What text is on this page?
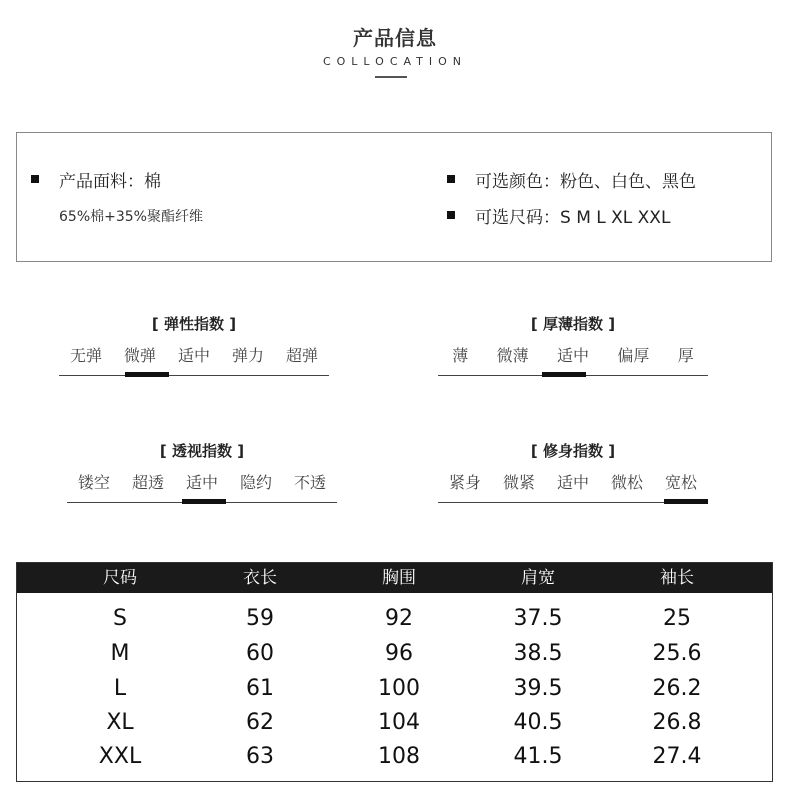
产品信息
COLLOCATION
产品面料：棉
65%棉+35%聚酯纤维
可选颜色：粉色、白色、黑色
可选尺码：S M L XL XXL
[ 弹性指数 ]
无弹 微弹 适中 弹力 超弹
[ 厚薄指数 ]
薄 微薄 适中 偏厚 厚
[ 透视指数 ]
镂空 超透 适中 隐约 不透
[ 修身指数 ]
紧身 微紧 适中 微松 宽松
尺码	衣长	胸围	肩宽	袖长
S	59	92	37.5	25
M	60	96	38.5	25.6
L	61	100	39.5	26.2
XL	62	104	40.5	26.8
XXL	63	108	41.5	27.4
